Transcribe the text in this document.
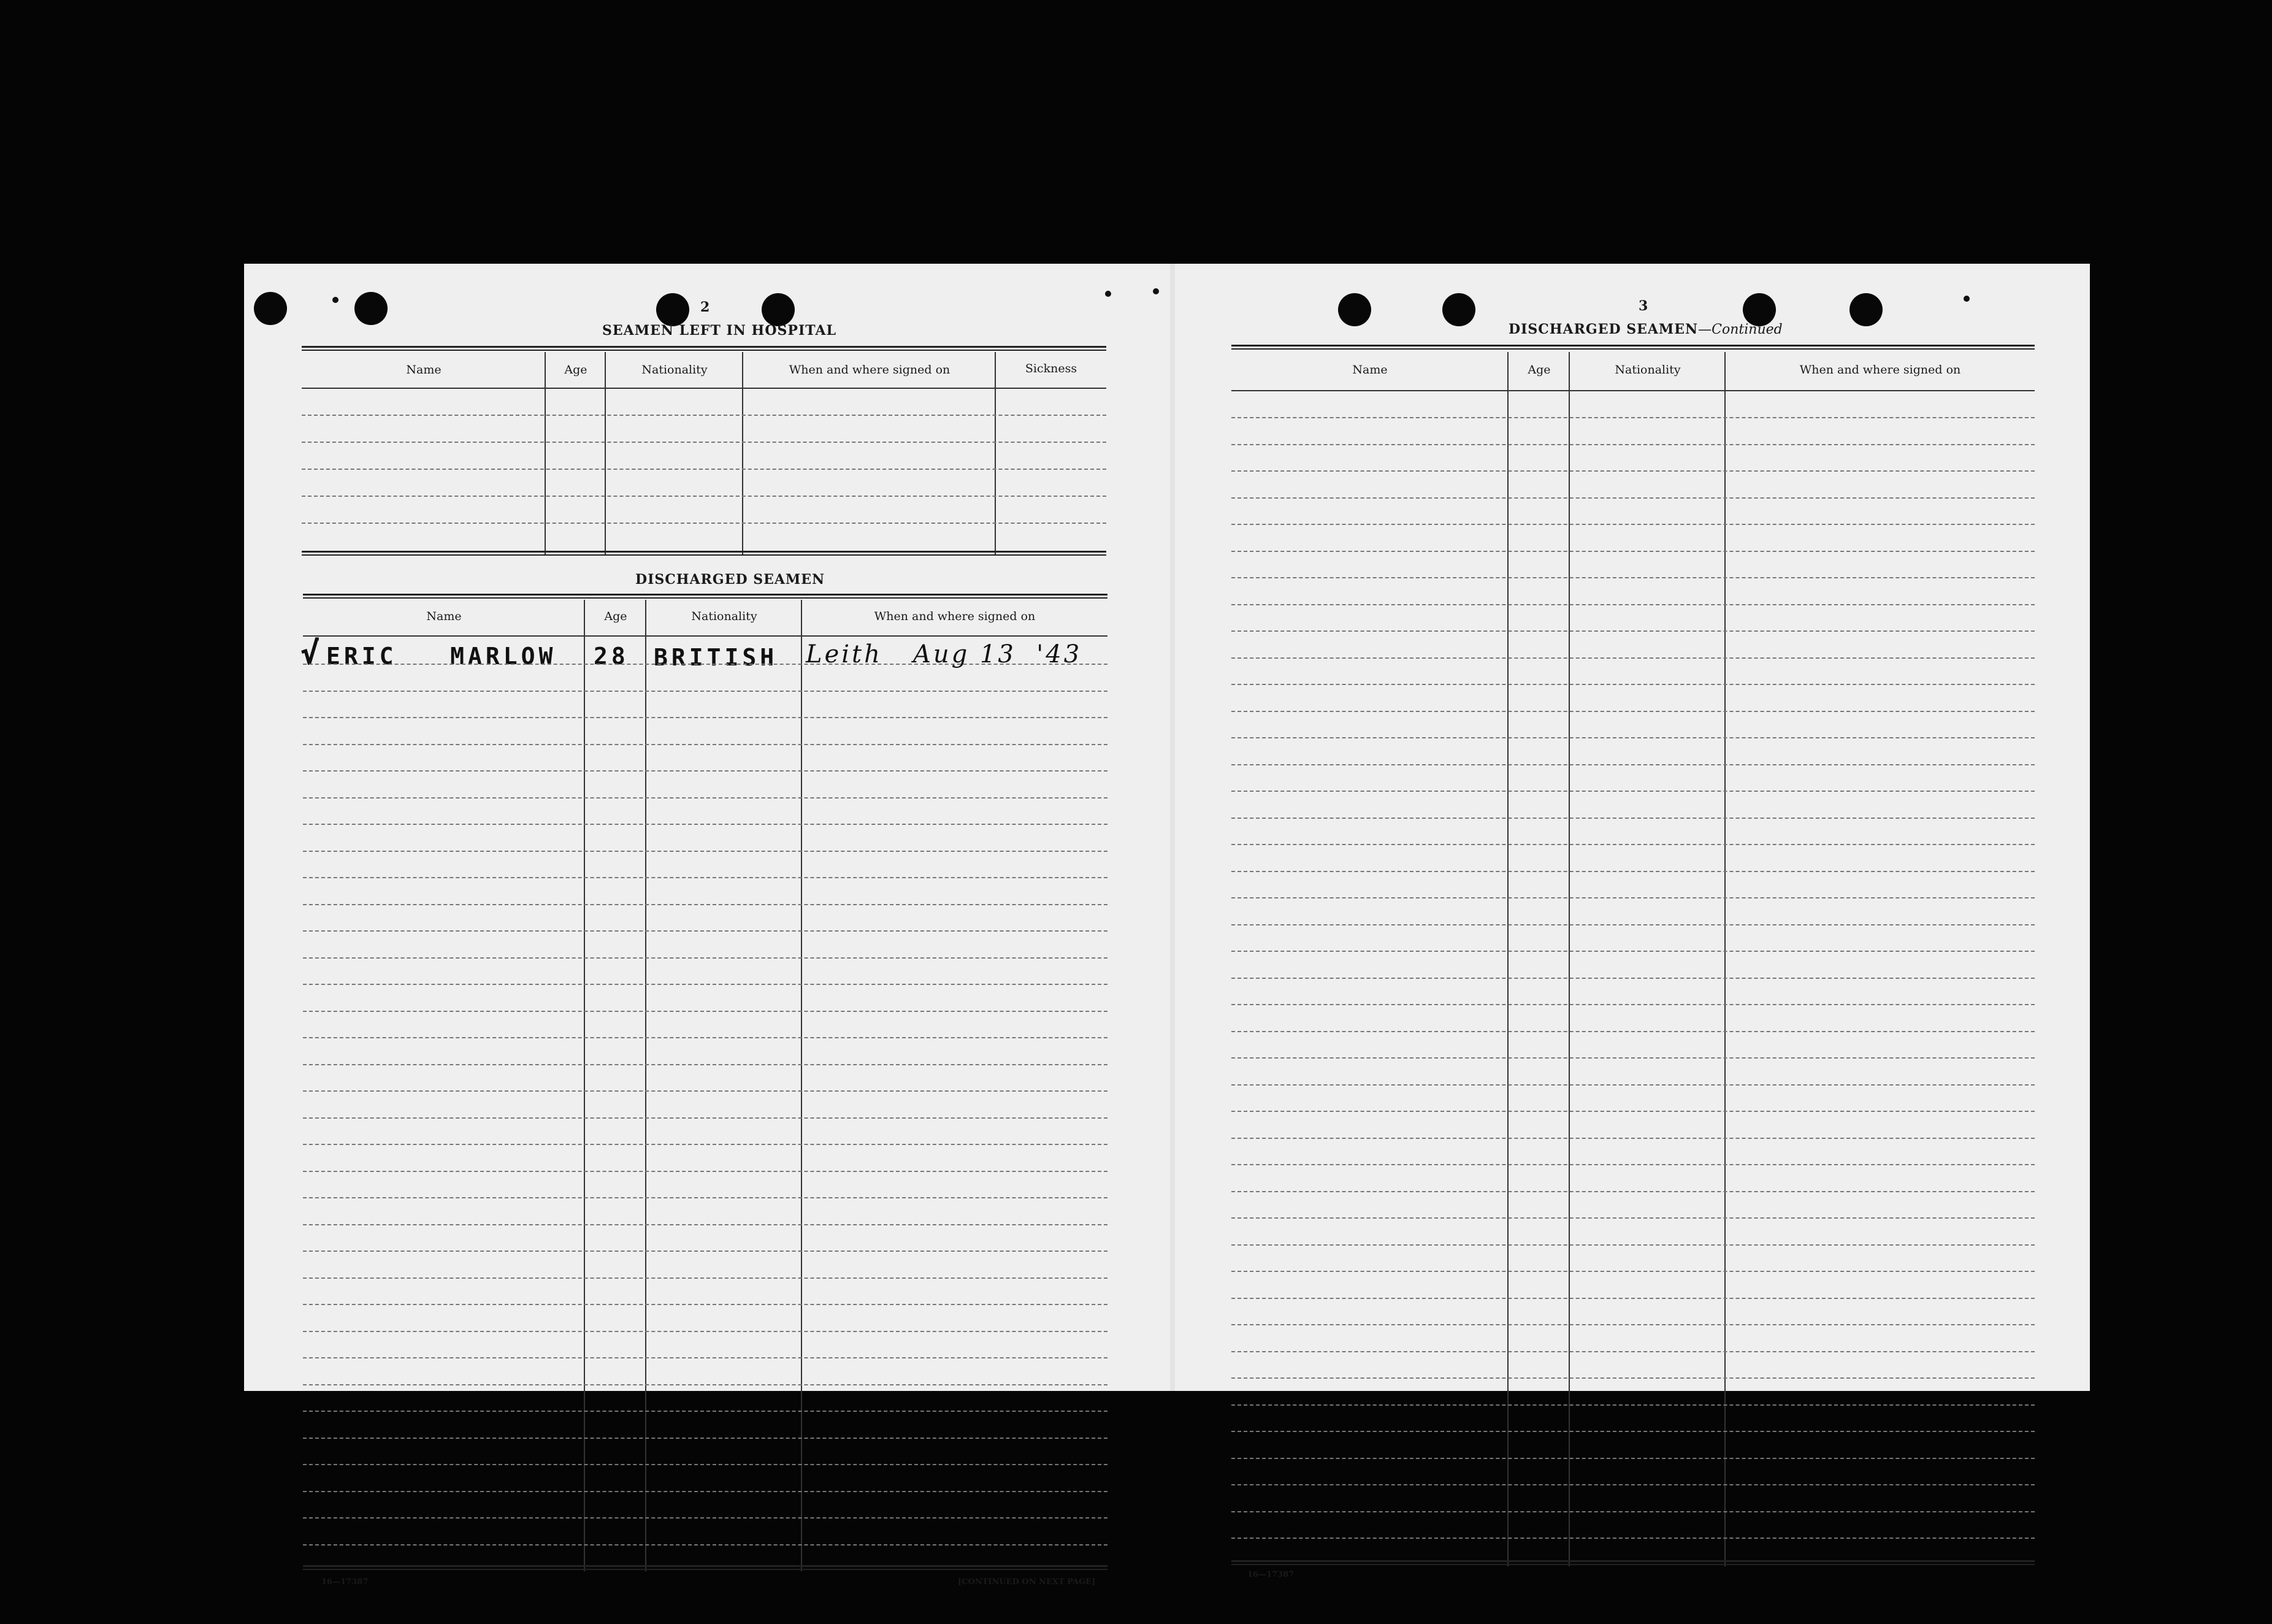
2
SEAMEN LEFT IN HOSPITAL
Name	Age	Nationality	When and where signed on	Sickness
DISCHARGED SEAMEN
Name	Age	Nationality	When and where signed on
√ ERIC   MARLOW 28 BRITISH Leith   Aug 13  '43
16—17387	[CONTINUED ON NEXT PAGE]
3
DISCHARGED SEAMEN—Continued
Name	Age	Nationality	When and where signed on
16—17387
